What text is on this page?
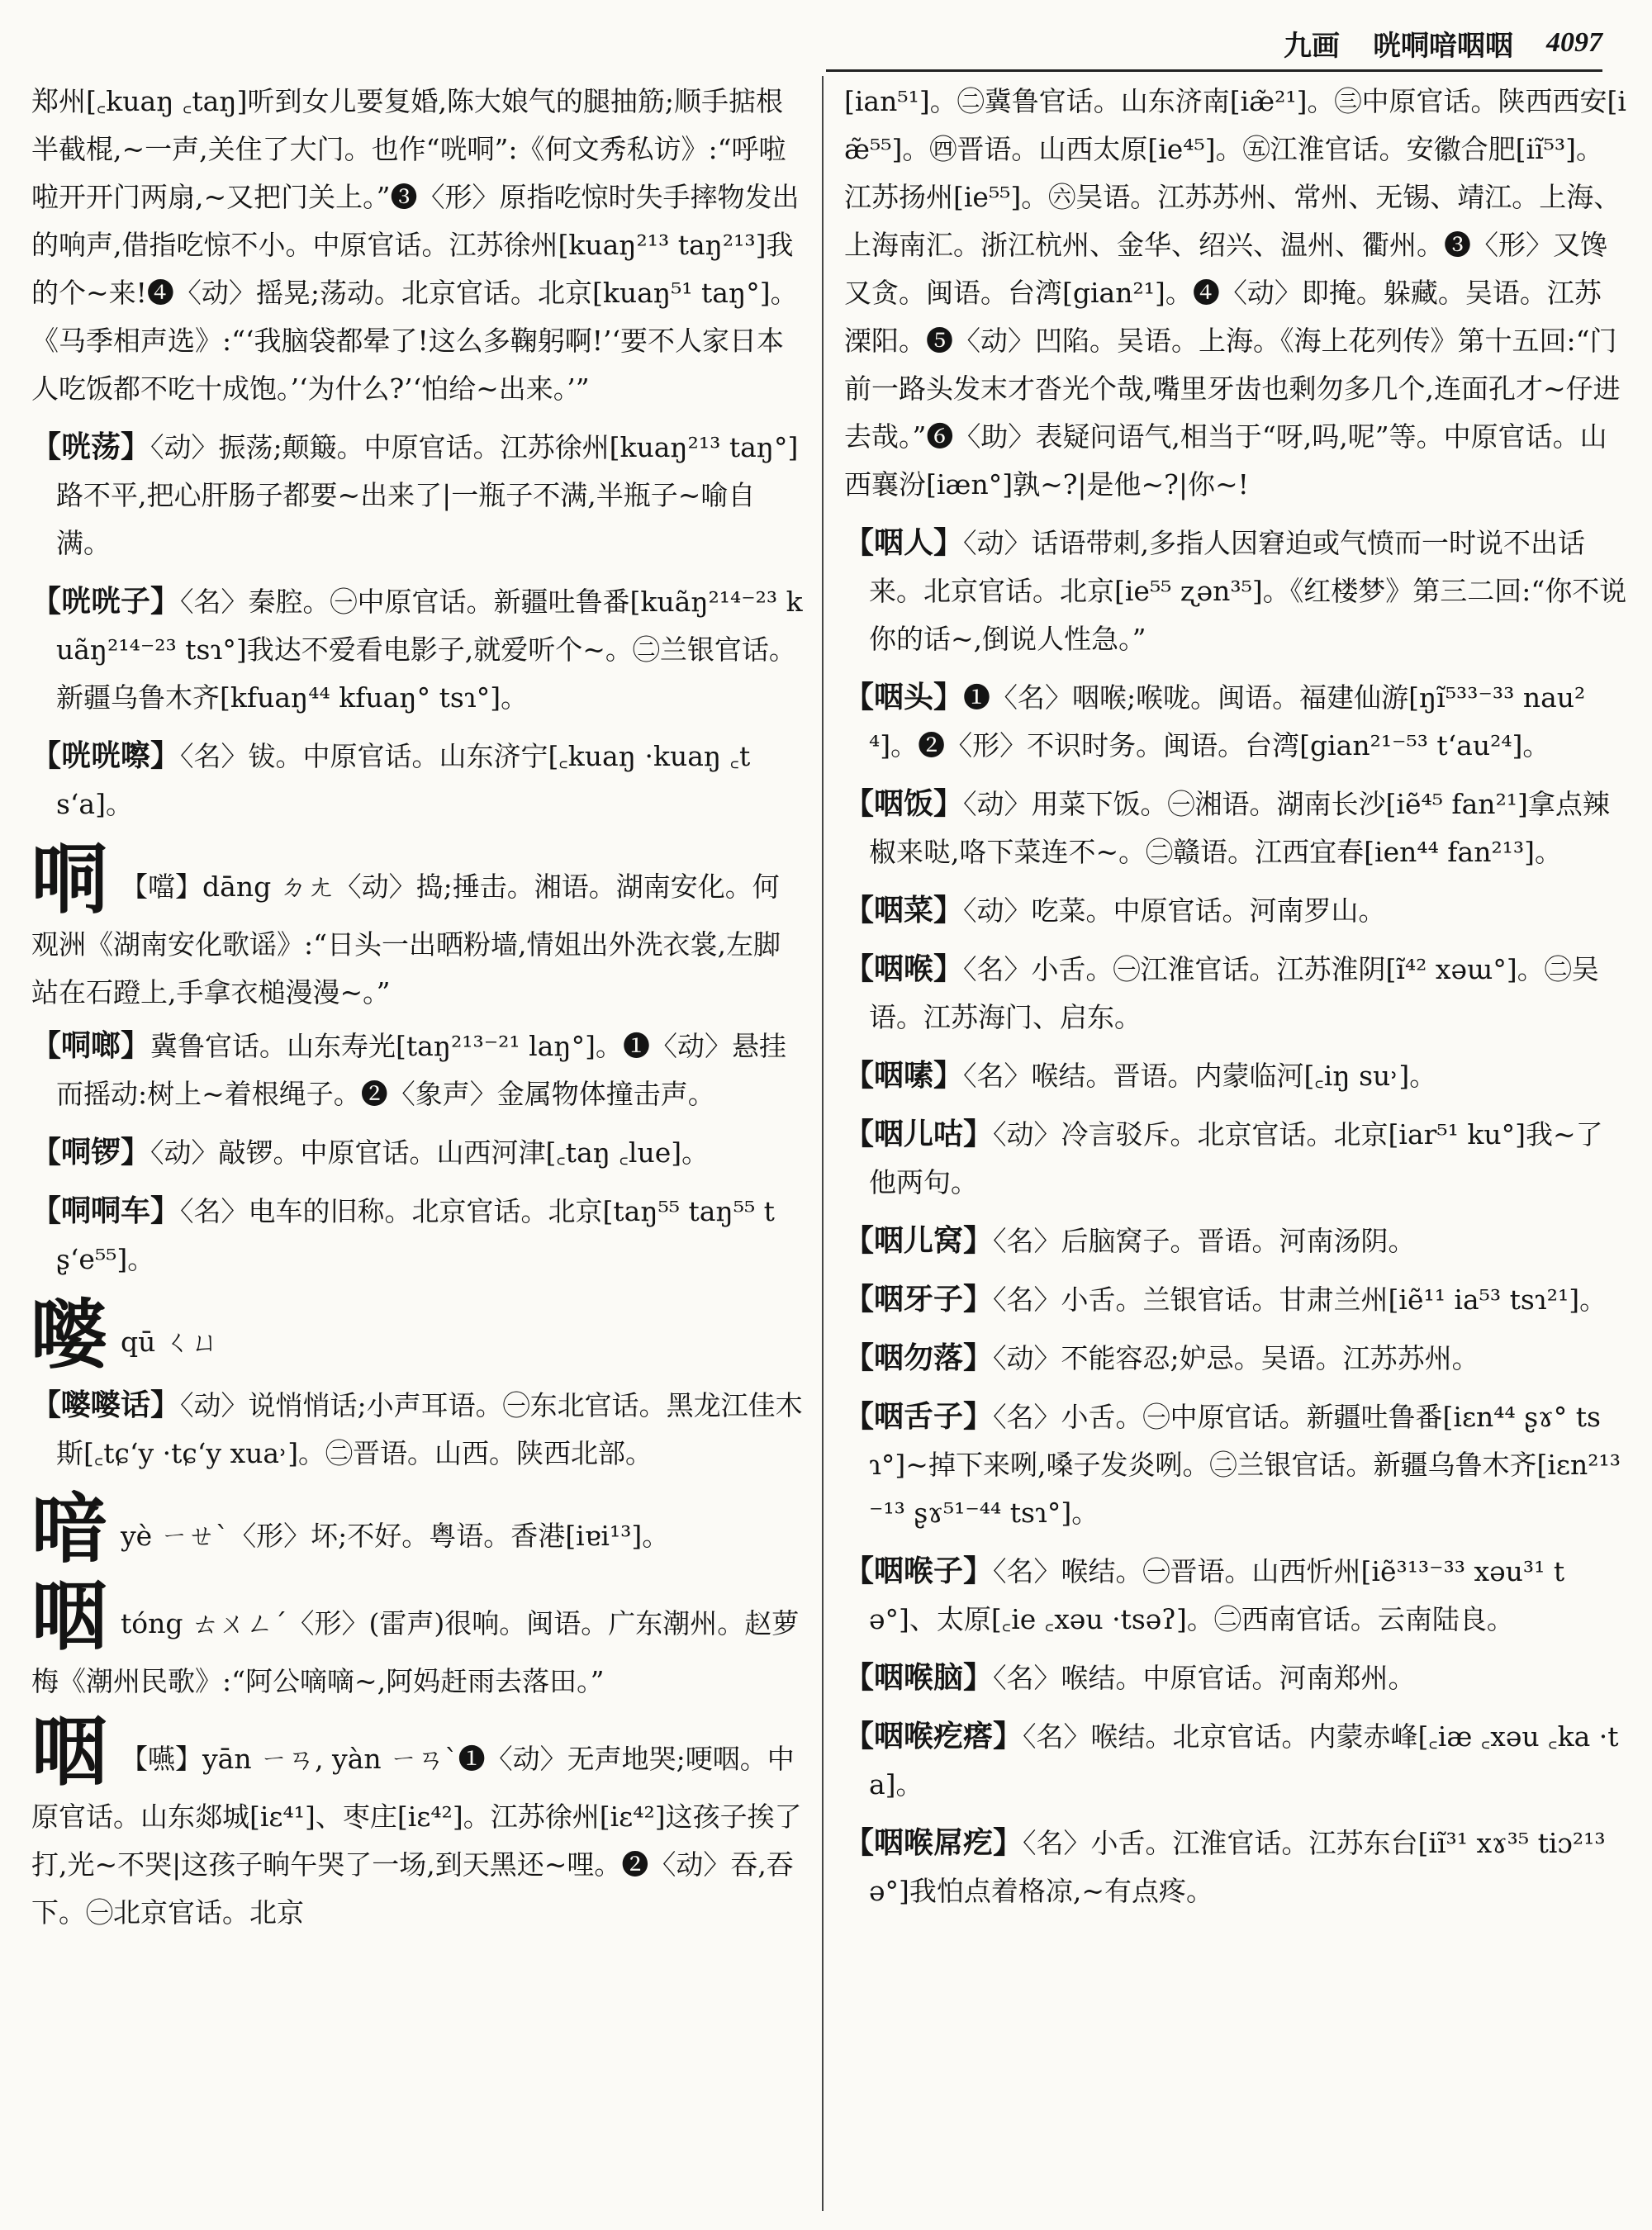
九画 咣哃喑咽咽 4097
郑州[꜀kuaŋ ꜀taŋ]听到女儿要复婚,陈大娘气的腿抽筋;顺手掂根半截棍,~一声,关住了大门。也作“咣哃”:《何文秀私访》:“呼啦啦开开门两扇,~又把门关上。”❸〈形〉原指吃惊时失手摔物发出的响声,借指吃惊不小。中原官话。江苏徐州[kuaŋ²¹³ taŋ²¹³]我的个~来!❹〈动〉摇晃;荡动。北京官话。北京[kuaŋ⁵¹ taŋ°]。《马季相声选》:“‘我脑袋都晕了!这么多鞠躬啊!’‘要不人家日本人吃饭都不吃十成饱。’‘为什么?’‘怕给~出来。’”
【咣荡】〈动〉振荡;颠簸。中原官话。江苏徐州[kuaŋ²¹³ taŋ°]路不平,把心肝肠子都要~出来了|一瓶子不满,半瓶子~喻自满。
【咣咣子】〈名〉秦腔。㊀中原官话。新疆吐鲁番[kuãŋ²¹⁴⁻²³ kuãŋ²¹⁴⁻²³ tsɿ°]我达不爱看电影子,就爱听个~。㊁兰银官话。新疆乌鲁木齐[kfuaŋ⁴⁴ kfuaŋ° tsɿ°]。
【咣咣嚓】〈名〉钹。中原官话。山东济宁[꜀kuaŋ ·kuaŋ ꜀ts‘a]。
哃 【噹】dāng ㄉㄤ〈动〉捣;捶击。湘语。湖南安化。何观洲《湖南安化歌谣》:“日头一出晒粉墙,情姐出外洗衣裳,左脚站在石蹬上,手拿衣槌漫漫~。”
【哃啷】冀鲁官话。山东寿光[taŋ²¹³⁻²¹ laŋ°]。❶〈动〉悬挂而摇动:树上~着根绳子。❷〈象声〉金属物体撞击声。
【哃锣】〈动〉敲锣。中原官话。山西河津[꜀taŋ ꜀lue]。
【哃哃车】〈名〉电车的旧称。北京官话。北京[taŋ⁵⁵ taŋ⁵⁵ tʂ‘e⁵⁵]。
嘙qū ㄑㄩ
【嘙嘙话】〈动〉说悄悄话;小声耳语。㊀东北官话。黑龙江佳木斯[꜀tɕ‘y ·tɕ‘y xua˒]。㊁晋语。山西。陕西北部。
喑yè ㄧㄝˋ〈形〉坏;不好。粤语。香港[iɐi¹³]。
咽tóng ㄊㄨㄥˊ〈形〉(雷声)很响。闽语。广东潮州。赵萝梅《潮州民歌》:“阿公嘀嘀~,阿妈赶雨去落田。”
咽 【嚥】yān ㄧㄢ, yàn ㄧㄢˋ❶〈动〉无声地哭;哽咽。中原官话。山东郯城[iɛ⁴¹]、枣庄[iɛ⁴²]。江苏徐州[iɛ⁴²]这孩子挨了打,光~不哭|这孩子晌午哭了一场,到天黑还~哩。❷〈动〉吞,吞下。㊀北京官话。北京
[ian⁵¹]。㊁冀鲁官话。山东济南[iæ̃²¹]。㊂中原官话。陕西西安[iæ̃⁵⁵]。㊃晋语。山西太原[ie⁴⁵]。㊄江淮官话。安徽合肥[iĩ⁵³]。江苏扬州[ie⁵⁵]。㊅吴语。江苏苏州、常州、无锡、靖江。上海、上海南汇。浙江杭州、金华、绍兴、温州、衢州。❸〈形〉又馋又贪。闽语。台湾[gian²¹]。❹〈动〉即掩。躲藏。吴语。江苏溧阳。❺〈动〉凹陷。吴语。上海。《海上花列传》第十五回:“门前一路头发末才沓光个哉,嘴里牙齿也剩勿多几个,连面孔才~仔进去哉。”❻〈助〉表疑问语气,相当于“呀,吗,呢”等。中原官话。山西襄汾[iæn°]孰~?|是他~?|你~!
【咽人】〈动〉话语带刺,多指人因窘迫或气愤而一时说不出话来。北京官话。北京[ie⁵⁵ ʐən³⁵]。《红楼梦》第三二回:“你不说你的话~,倒说人性急。”
【咽头】❶〈名〉咽喉;喉咙。闽语。福建仙游[ŋĩ⁵³³⁻³³ nau²⁴]。❷〈形〉不识时务。闽语。台湾[gian²¹⁻⁵³ t‘au²⁴]。
【咽饭】〈动〉用菜下饭。㊀湘语。湖南长沙[iẽ⁴⁵ fan²¹]拿点辣椒来哒,咯下菜连不~。㊁赣语。江西宜春[ien⁴⁴ fan²¹³]。
【咽菜】〈动〉吃菜。中原官话。河南罗山。
【咽喉】〈名〉小舌。㊀江淮官话。江苏淮阴[ĩ⁴² xəɯ°]。㊁吴语。江苏海门、启东。
【咽嗉】〈名〉喉结。晋语。内蒙临河[꜀iŋ su˒]。
【咽儿咕】〈动〉冷言驳斥。北京官话。北京[iar⁵¹ ku°]我~了他两句。
【咽儿窝】〈名〉后脑窝子。晋语。河南汤阴。
【咽牙子】〈名〉小舌。兰银官话。甘肃兰州[iẽ¹¹ ia⁵³ tsɿ²¹]。
【咽勿落】〈动〉不能容忍;妒忌。吴语。江苏苏州。
【咽舌子】〈名〉小舌。㊀中原官话。新疆吐鲁番[iɛn⁴⁴ ʂɤ° tsɿ°]~掉下来咧,嗓子发炎咧。㊁兰银官话。新疆乌鲁木齐[iɛn²¹³⁻¹³ ʂɤ⁵¹⁻⁴⁴ tsɿ°]。
【咽喉子】〈名〉喉结。㊀晋语。山西忻州[iẽ³¹³⁻³³ xəu³¹ tə°]、太原[꜀ie ꜀xəu ·tsəʔ]。㊁西南官话。云南陆良。
【咽喉脑】〈名〉喉结。中原官话。河南郑州。
【咽喉疙瘩】〈名〉喉结。北京官话。内蒙赤峰[꜀iæ ꜀xəu ꜀ka ·ta]。
【咽喉屌疙】〈名〉小舌。江淮官话。江苏东台[iĩ³¹ xɤ³⁵ tiɔ²¹³ ə°]我怕点着格凉,~有点疼。
